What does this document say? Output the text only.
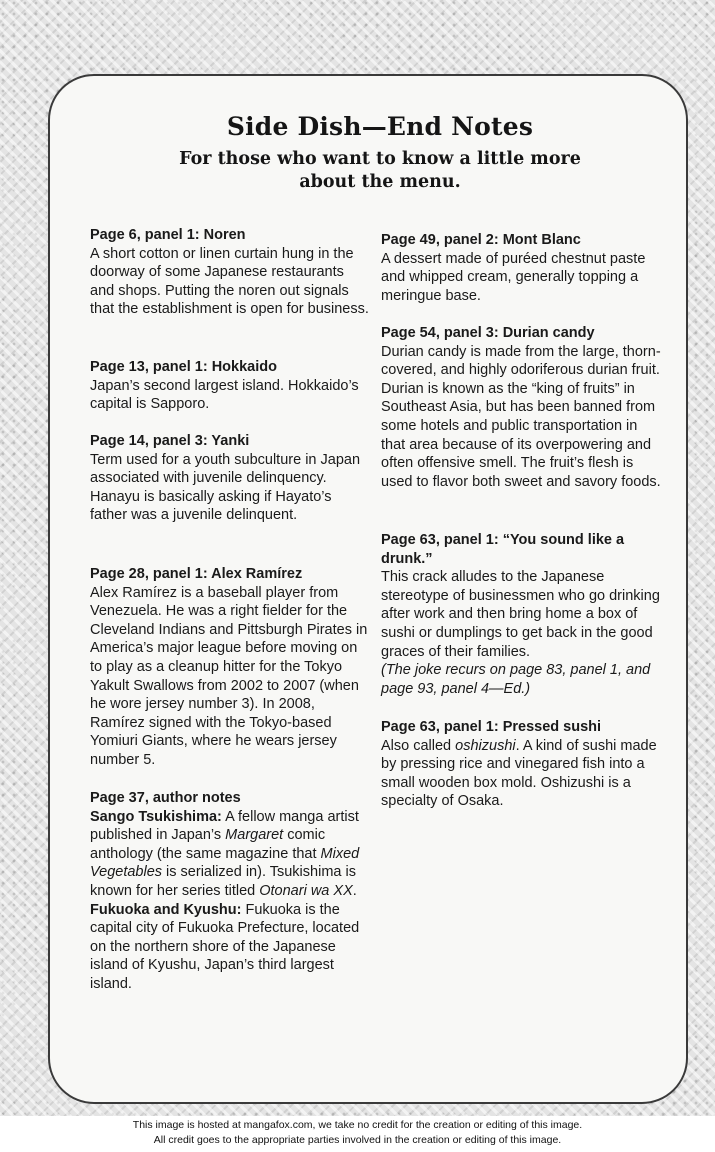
Side Dish—End Notes
For those who want to know a little more about the menu.

Page 6, panel 1: Noren

A short cotton or linen curtain hung in the doorway of some Japanese restaurants and shops. Putting the noren out signals that the establishment is open for business.

Page 13, panel 1: Hokkaido

Japan’s second largest island. Hokkaido’s capital is Sapporo.

Page 14, panel 3: Yanki

Term used for a youth subculture in Japan associated with juvenile delinquency. Hanayu is basically asking if Hayato’s father was a juvenile delinquent.

Page 28, panel 1: Alex Ramírez

Alex Ramírez is a baseball player from Venezuela. He was a right fielder for the Cleveland Indians and Pittsburgh Pirates in America’s major league before moving on to play as a cleanup hitter for the Tokyo Yakult Swallows from 2002 to 2007 (when he wore jersey number 3). In 2008, Ramírez signed with the Tokyo-based Yomiuri Giants, where he wears jersey number 5.

Page 37, author notes

Sango Tsukishima: A fellow manga artist published in Japan’s Margaret comic anthology (the same magazine that Mixed Vegetables is serialized in). Tsukishima is known for her series titled Otonari wa XX.

Fukuoka and Kyushu: Fukuoka is the capital city of Fukuoka Prefecture, located on the northern shore of the Japanese island of Kyushu, Japan’s third largest island.

Page 49, panel 2: Mont Blanc

A dessert made of puréed chestnut paste and whipped cream, generally topping a meringue base.

Page 54, panel 3: Durian candy

Durian candy is made from the large, thorn-covered, and highly odoriferous durian fruit. Durian is known as the “king of fruits” in Southeast Asia, but has been banned from some hotels and public transportation in that area because of its overpowering and often offensive smell. The fruit’s flesh is used to flavor both sweet and savory foods.

Page 63, panel 1: “You sound like a drunk.”

This crack alludes to the Japanese stereotype of businessmen who go drinking after work and then bring home a box of sushi or dumplings to get back in the good graces of their families.

(The joke recurs on page 83, panel 1, and page 93, panel 4—Ed.)

Page 63, panel 1: Pressed sushi

Also called oshizushi. A kind of sushi made by pressing rice and vinegared fish into a small wooden box mold. Oshizushi is a specialty of Osaka.

This image is hosted at mangafox.com, we take no credit for the creation or editing of this image.
All credit goes to the appropriate parties involved in the creation or editing of this image.
